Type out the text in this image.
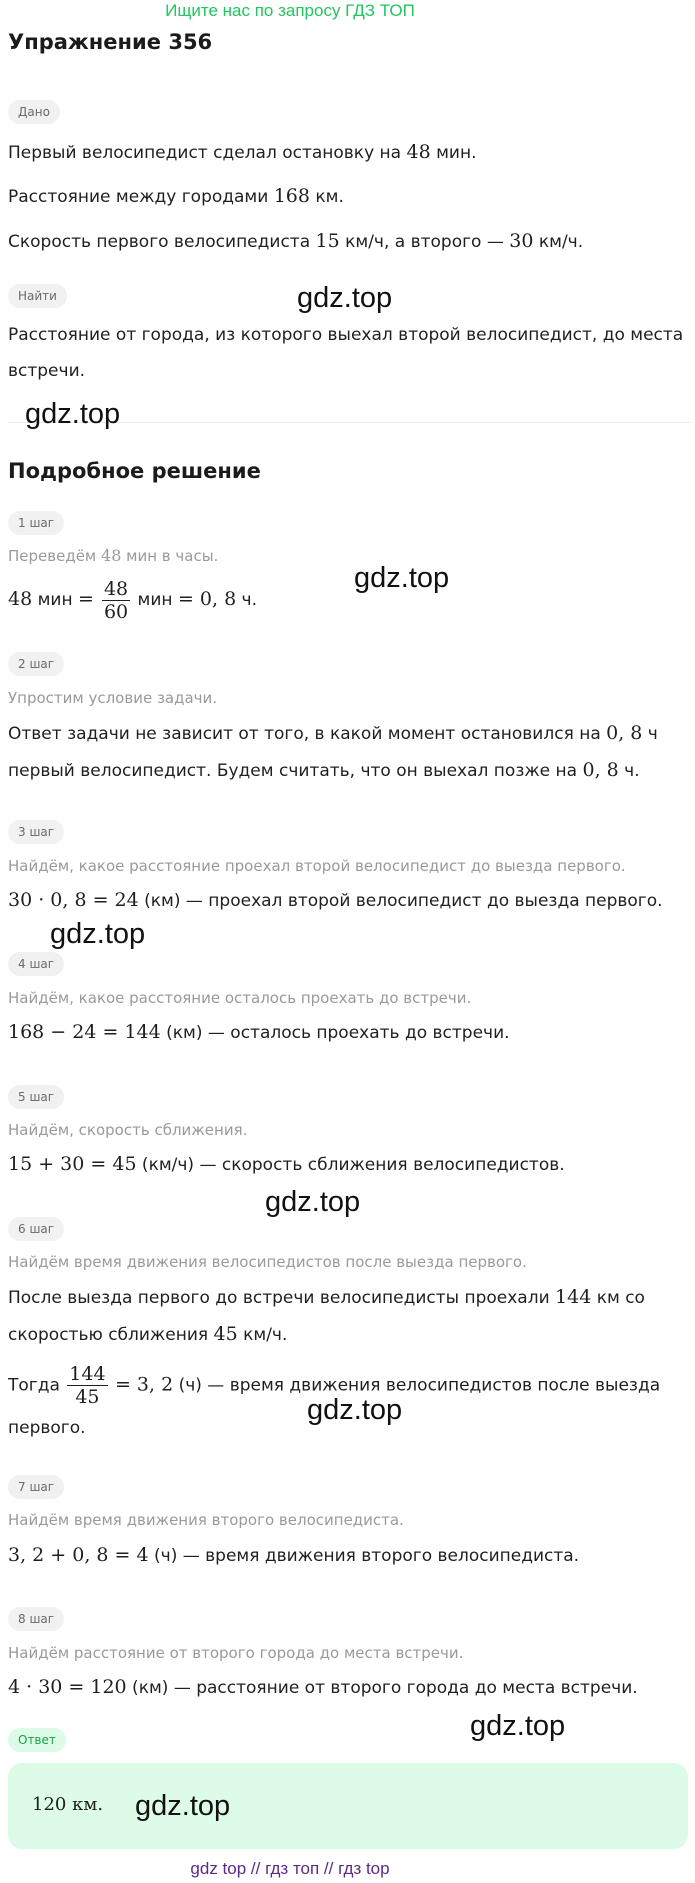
Ищите нас по запросу ГДЗ ТОП
Упражнение 356
Дано
Первый велосипедист сделал остановку на 48 мин.
Расстояние между городами 168 км.
Скорость первого велосипедиста 15 км/ч, а второго — 30 км/ч.
Найти
Расстояние от города, из которого выехал второй велосипедист, до места встречи.
Подробное решение
1 шаг
Переведём 48 мин в часы.
48 мин = $\frac{48}{60}$ мин = 0, 8 ч.
2 шаг
Упростим условие задачи.
Ответ задачи не зависит от того, в какой момент остановился на 0, 8 ч первый велосипедист. Будем считать, что он выехал позже на 0, 8 ч.
3 шаг
Найдём, какое расстояние проехал второй велосипедист до выезда первого.
30 · 0, 8 = 24 (км) — проехал второй велосипедист до выезда первого.
4 шаг
Найдём, какое расстояние осталось проехать до встречи.
168 − 24 = 144 (км) — осталось проехать до встречи.
5 шаг
Найдём, скорость сближения.
15 + 30 = 45 (км/ч) — скорость сближения велосипедистов.
6 шаг
Найдём время движения велосипедистов после выезда первого.
После выезда первого до встречи велосипедисты проехали 144 км со скоростью сближения 45 км/ч.
Тогда $\frac{144}{45} = 3$, 2 (ч) — время движения велосипедистов после выезда первого.
7 шаг
Найдём время движения второго велосипедиста.
3, 2 + 0, 8 = 4 (ч) — время движения второго велосипедиста.
8 шаг
Найдём расстояние от второго города до места встречи.
4 · 30 = 120 (км) — расстояние от второго города до места встречи.
Ответ
120 км.
gdz.top
gdz.top
gdz.top
gdz.top
gdz.top
gdz.top
gdz.top
gdz.top
gdz top // гдз топ // гдз top
